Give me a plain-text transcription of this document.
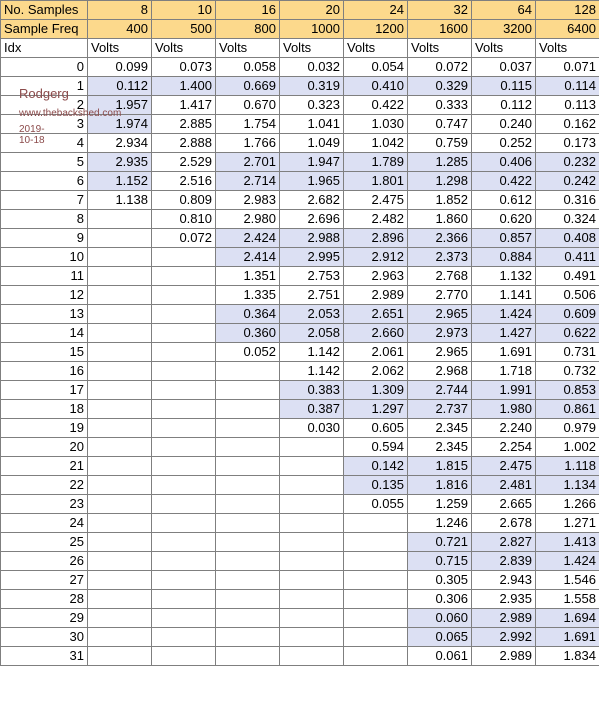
No. Samples	8	10	16	20	24	32	64	128
Sample Freq	400	500	800	1000	1200	1600	3200	6400
Idx	Volts	Volts	Volts	Volts	Volts	Volts	Volts	Volts
0	0.099	0.073	0.058	0.032	0.054	0.072	0.037	0.071
1	0.112	1.400	0.669	0.319	0.410	0.329	0.115	0.114
2	1.957	1.417	0.670	0.323	0.422	0.333	0.112	0.113
3	1.974	2.885	1.754	1.041	1.030	0.747	0.240	0.162
4	2.934	2.888	1.766	1.049	1.042	0.759	0.252	0.173
5	2.935	2.529	2.701	1.947	1.789	1.285	0.406	0.232
6	1.152	2.516	2.714	1.965	1.801	1.298	0.422	0.242
7	1.138	0.809	2.983	2.682	2.475	1.852	0.612	0.316
8		0.810	2.980	2.696	2.482	1.860	0.620	0.324
9		0.072	2.424	2.988	2.896	2.366	0.857	0.408
10			2.414	2.995	2.912	2.373	0.884	0.411
11			1.351	2.753	2.963	2.768	1.132	0.491
12			1.335	2.751	2.989	2.770	1.141	0.506
13			0.364	2.053	2.651	2.965	1.424	0.609
14			0.360	2.058	2.660	2.973	1.427	0.622
15			0.052	1.142	2.061	2.965	1.691	0.731
16				1.142	2.062	2.968	1.718	0.732
17				0.383	1.309	2.744	1.991	0.853
18				0.387	1.297	2.737	1.980	0.861
19				0.030	0.605	2.345	2.240	0.979
20					0.594	2.345	2.254	1.002
21					0.142	1.815	2.475	1.118
22					0.135	1.816	2.481	1.134
23					0.055	1.259	2.665	1.266
24						1.246	2.678	1.271
25						0.721	2.827	1.413
26						0.715	2.839	1.424
27						0.305	2.943	1.546
28						0.306	2.935	1.558
29						0.060	2.989	1.694
30						0.065	2.992	1.691
31						0.061	2.989	1.834
Rodgerg
www.thebackshed.com
2019-10-18
